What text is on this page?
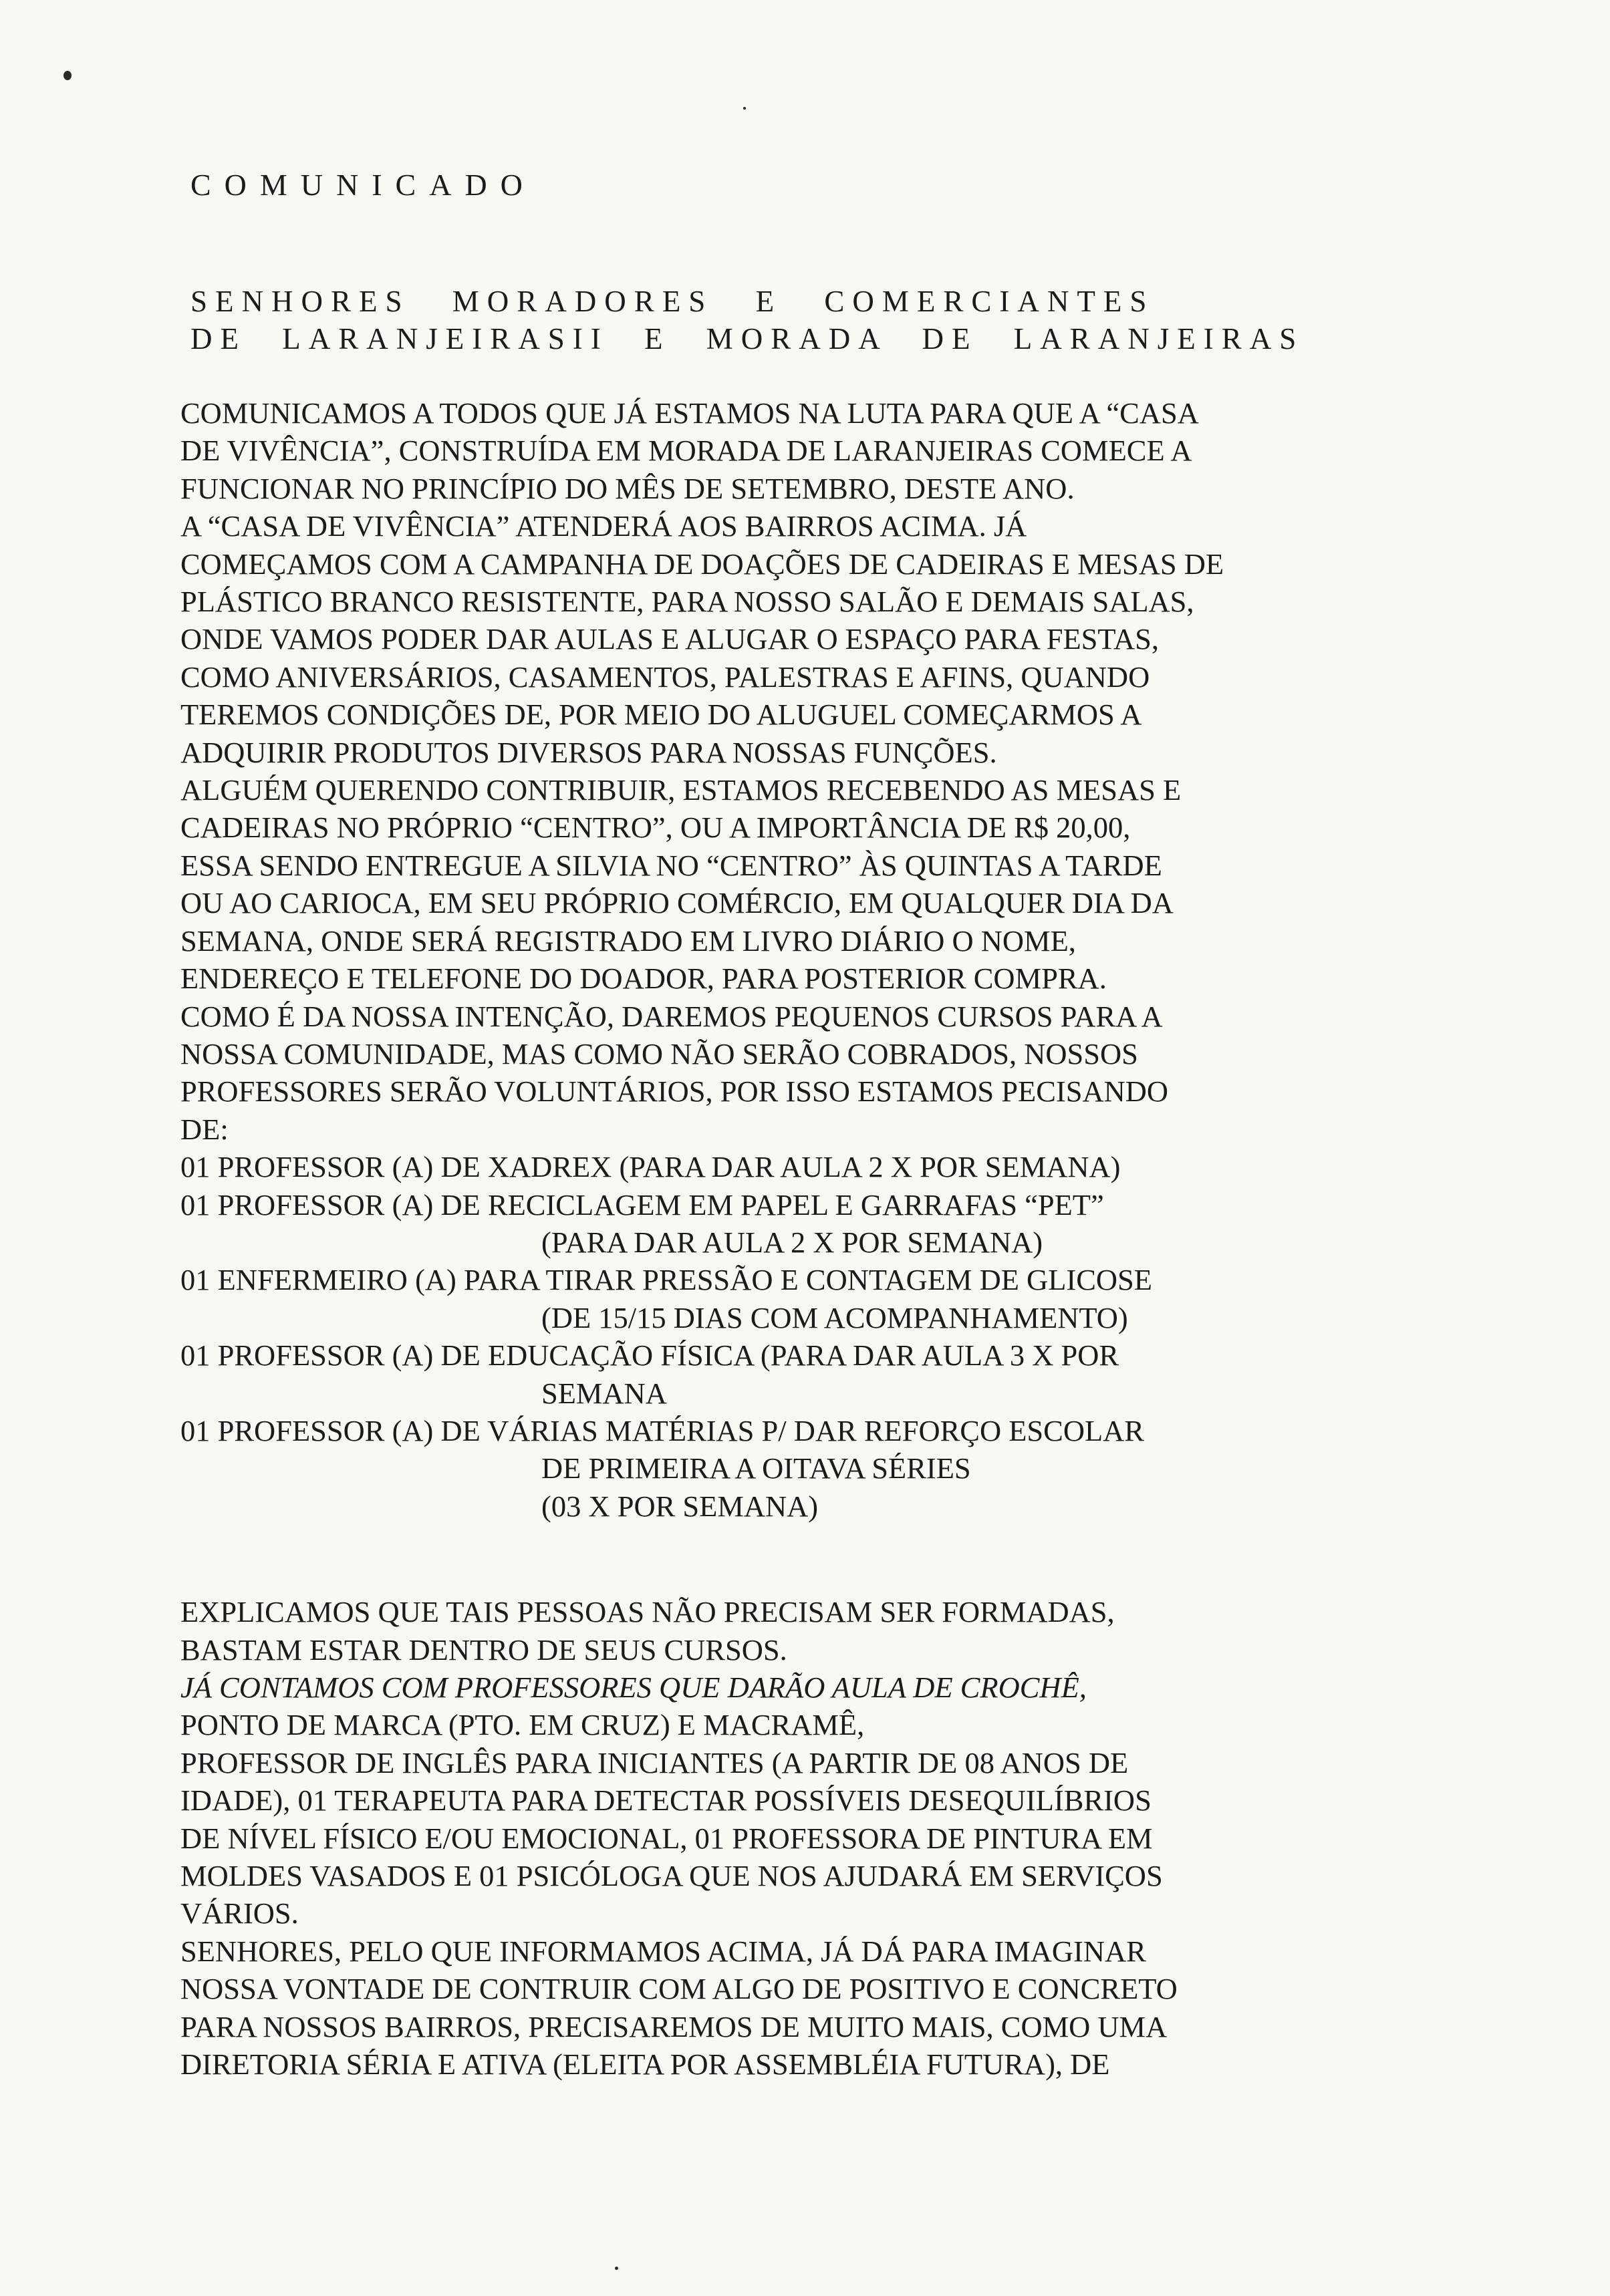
COMUNICADO
SENHORES MORADORES E COMERCIANTES
DE LARANJEIRASII E MORADA DE LARANJEIRAS

COMUNICAMOS A TODOS QUE JÁ ESTAMOS NA LUTA PARA QUE A “CASA

DE VIVÊNCIA”, CONSTRUÍDA EM MORADA DE LARANJEIRAS COMECE A

FUNCIONAR NO PRINCÍPIO DO MÊS DE SETEMBRO, DESTE ANO.

A “CASA DE VIVÊNCIA” ATENDERÁ AOS BAIRROS ACIMA. JÁ

COMEÇAMOS COM A CAMPANHA DE DOAÇÕES DE CADEIRAS E MESAS DE

PLÁSTICO BRANCO RESISTENTE, PARA NOSSO SALÃO E DEMAIS SALAS,

ONDE VAMOS PODER DAR AULAS E ALUGAR O ESPAÇO PARA FESTAS,

COMO ANIVERSÁRIOS, CASAMENTOS, PALESTRAS E AFINS, QUANDO

TEREMOS CONDIÇÕES DE, POR MEIO DO ALUGUEL COMEÇARMOS A

ADQUIRIR PRODUTOS DIVERSOS PARA NOSSAS FUNÇÕES.

ALGUÉM QUERENDO CONTRIBUIR, ESTAMOS RECEBENDO AS MESAS E

CADEIRAS NO PRÓPRIO “CENTRO”, OU A IMPORTÂNCIA DE R$ 20,00,

ESSA SENDO ENTREGUE A SILVIA NO “CENTRO” ÀS QUINTAS A TARDE

OU AO CARIOCA, EM SEU PRÓPRIO COMÉRCIO, EM QUALQUER DIA DA

SEMANA, ONDE SERÁ REGISTRADO EM LIVRO DIÁRIO O NOME,

ENDEREÇO E TELEFONE DO DOADOR, PARA POSTERIOR COMPRA.

COMO É DA NOSSA INTENÇÃO, DAREMOS PEQUENOS CURSOS PARA A

NOSSA COMUNIDADE, MAS COMO NÃO SERÃO COBRADOS, NOSSOS

PROFESSORES SERÃO VOLUNTÁRIOS, POR ISSO ESTAMOS PECISANDO

DE:

01 PROFESSOR (A) DE XADREX (PARA DAR AULA 2 X POR SEMANA)

01 PROFESSOR (A) DE RECICLAGEM EM PAPEL E GARRAFAS “PET”

(PARA DAR AULA 2 X POR SEMANA)

01 ENFERMEIRO (A) PARA TIRAR PRESSÃO E CONTAGEM DE GLICOSE

(DE 15/15 DIAS COM ACOMPANHAMENTO)

01 PROFESSOR (A) DE EDUCAÇÃO FÍSICA (PARA DAR AULA 3 X POR

SEMANA

01 PROFESSOR (A) DE VÁRIAS MATÉRIAS P/ DAR REFORÇO ESCOLAR

DE PRIMEIRA A OITAVA SÉRIES

(03 X POR SEMANA)

EXPLICAMOS QUE TAIS PESSOAS NÃO PRECISAM SER FORMADAS,

BASTAM ESTAR DENTRO DE SEUS CURSOS.

JÁ CONTAMOS COM PROFESSORES QUE DARÃO AULA DE CROCHÊ,

PONTO DE MARCA (PTO. EM CRUZ) E MACRAMÊ,

PROFESSOR DE INGLÊS PARA INICIANTES (A PARTIR DE 08 ANOS DE

IDADE), 01 TERAPEUTA PARA DETECTAR POSSÍVEIS DESEQUILÍBRIOS

DE NÍVEL FÍSICO E/OU EMOCIONAL, 01 PROFESSORA DE PINTURA EM

MOLDES VASADOS E 01 PSICÓLOGA QUE NOS AJUDARÁ EM SERVIÇOS

VÁRIOS.

SENHORES, PELO QUE INFORMAMOS ACIMA, JÁ DÁ PARA IMAGINAR

NOSSA VONTADE DE CONTRUIR COM ALGO DE POSITIVO E CONCRETO

PARA NOSSOS BAIRROS, PRECISAREMOS DE MUITO MAIS, COMO UMA

DIRETORIA SÉRIA E ATIVA (ELEITA POR ASSEMBLÉIA FUTURA), DE
